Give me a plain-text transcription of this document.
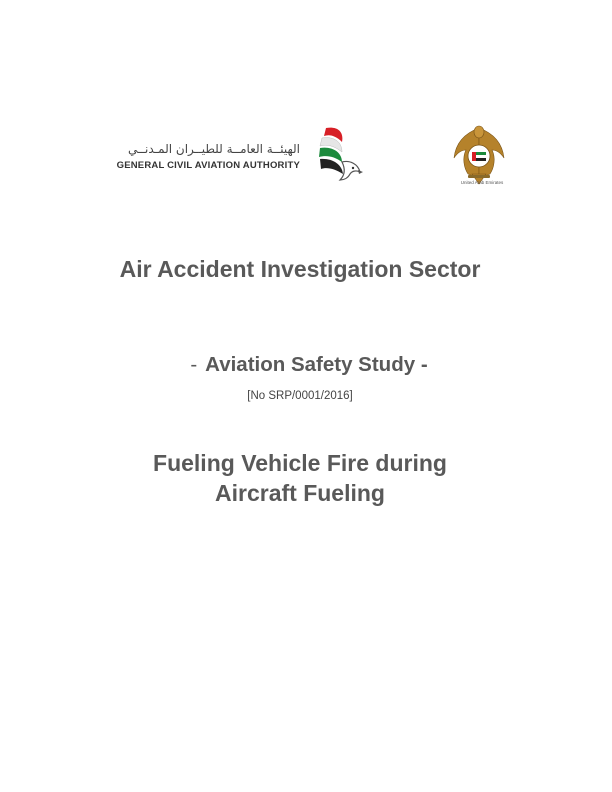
الهيئــة العامــة للطيــران المـدنــي
GENERAL CIVIL AVIATION AUTHORITY
United Arab Emirates
Air Accident Investigation Sector
- Aviation Safety Study -
[No SRP/0001/2016]
Fueling Vehicle Fire during
Aircraft Fueling
